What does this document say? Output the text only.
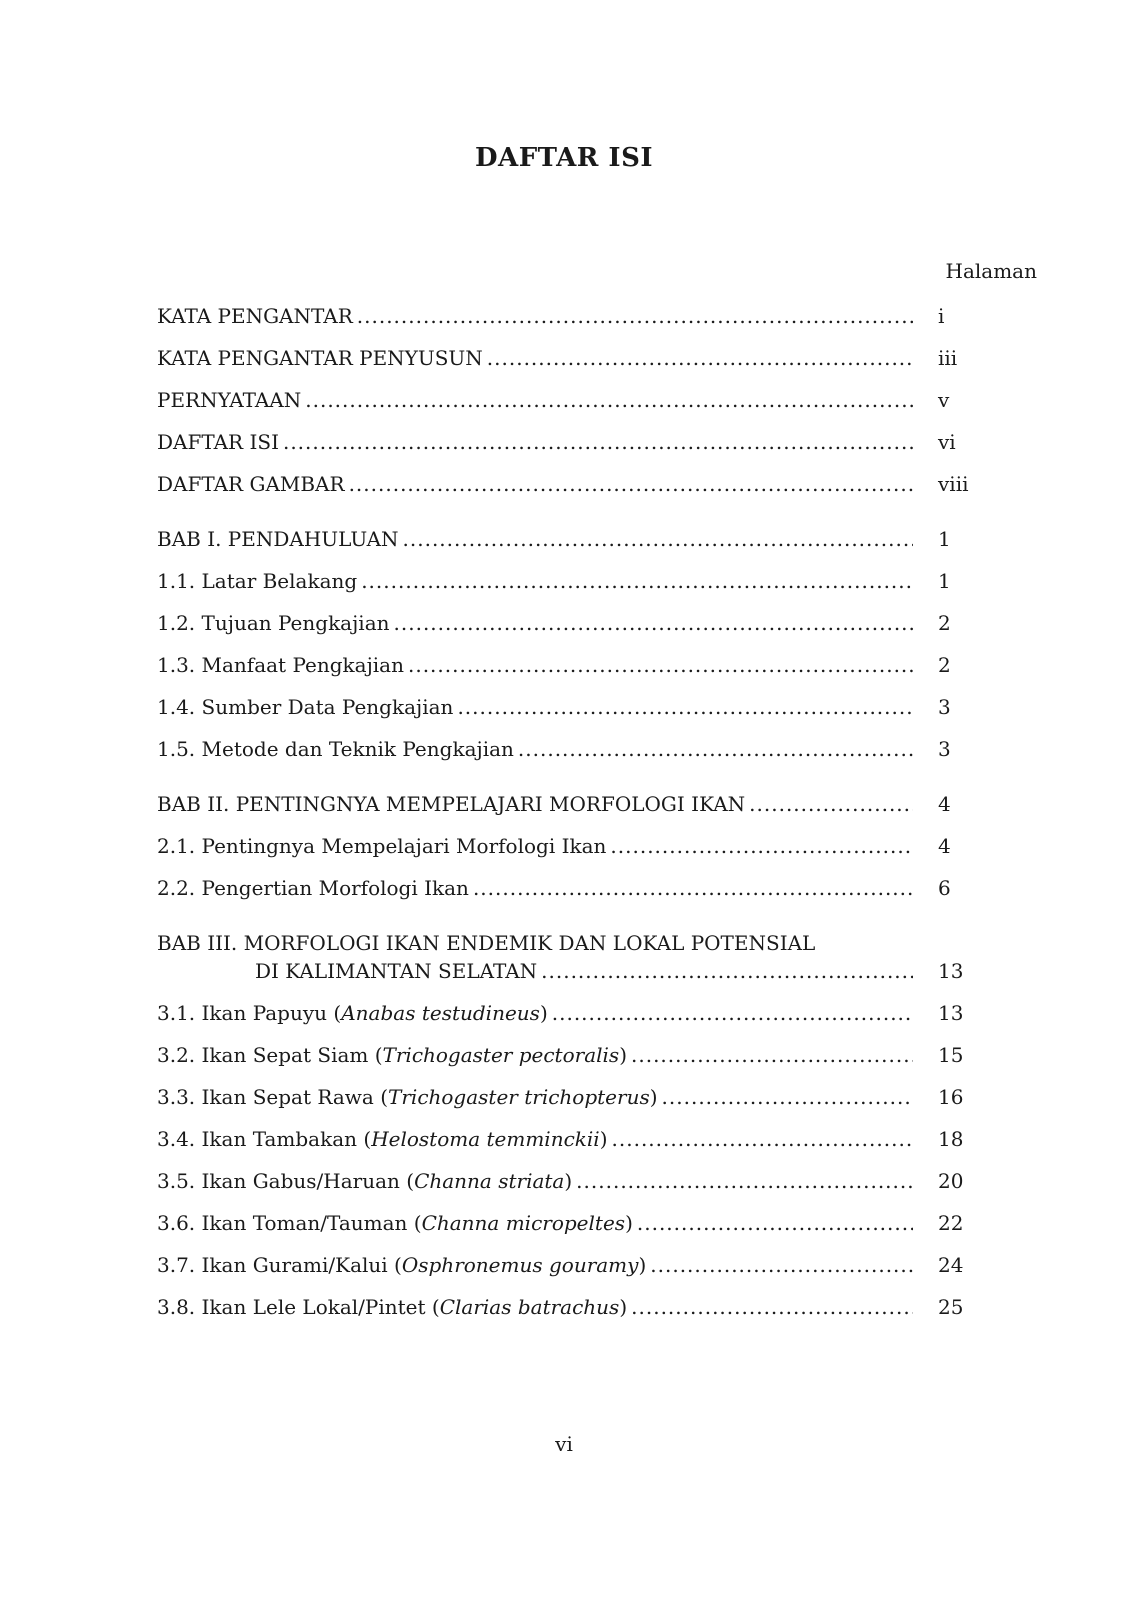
DAFTAR ISI
Halaman
KATA PENGANTAR .....	i
KATA PENGANTAR PENYUSUN .....	iii
PERNYATAAN .....	v
DAFTAR ISI .....	vi
DAFTAR GAMBAR .....	viii
BAB I. PENDAHULUAN .....	1
1.1. Latar Belakang .....	1
1.2. Tujuan Pengkajian .....	2
1.3. Manfaat Pengkajian .....	2
1.4. Sumber Data Pengkajian .....	3
1.5. Metode dan Teknik Pengkajian .....	3
BAB II. PENTINGNYA MEMPELAJARI MORFOLOGI IKAN .....	4
2.1. Pentingnya Mempelajari Morfologi Ikan .....	4
2.2. Pengertian Morfologi Ikan .....	6
BAB III. MORFOLOGI IKAN ENDEMIK DAN LOKAL POTENSIAL
DI KALIMANTAN SELATAN .....	13
3.1. Ikan Papuyu (Anabas testudineus) .....	13
3.2. Ikan Sepat Siam (Trichogaster pectoralis) .....	15
3.3. Ikan Sepat Rawa (Trichogaster trichopterus) .....	16
3.4. Ikan Tambakan (Helostoma temminckii) .....	18
3.5. Ikan Gabus/Haruan (Channa striata) .....	20
3.6. Ikan Toman/Tauman (Channa micropeltes) .....	22
3.7. Ikan Gurami/Kalui (Osphronemus gouramy) .....	24
3.8. Ikan Lele Lokal/Pintet (Clarias batrachus) .....	25
vi
